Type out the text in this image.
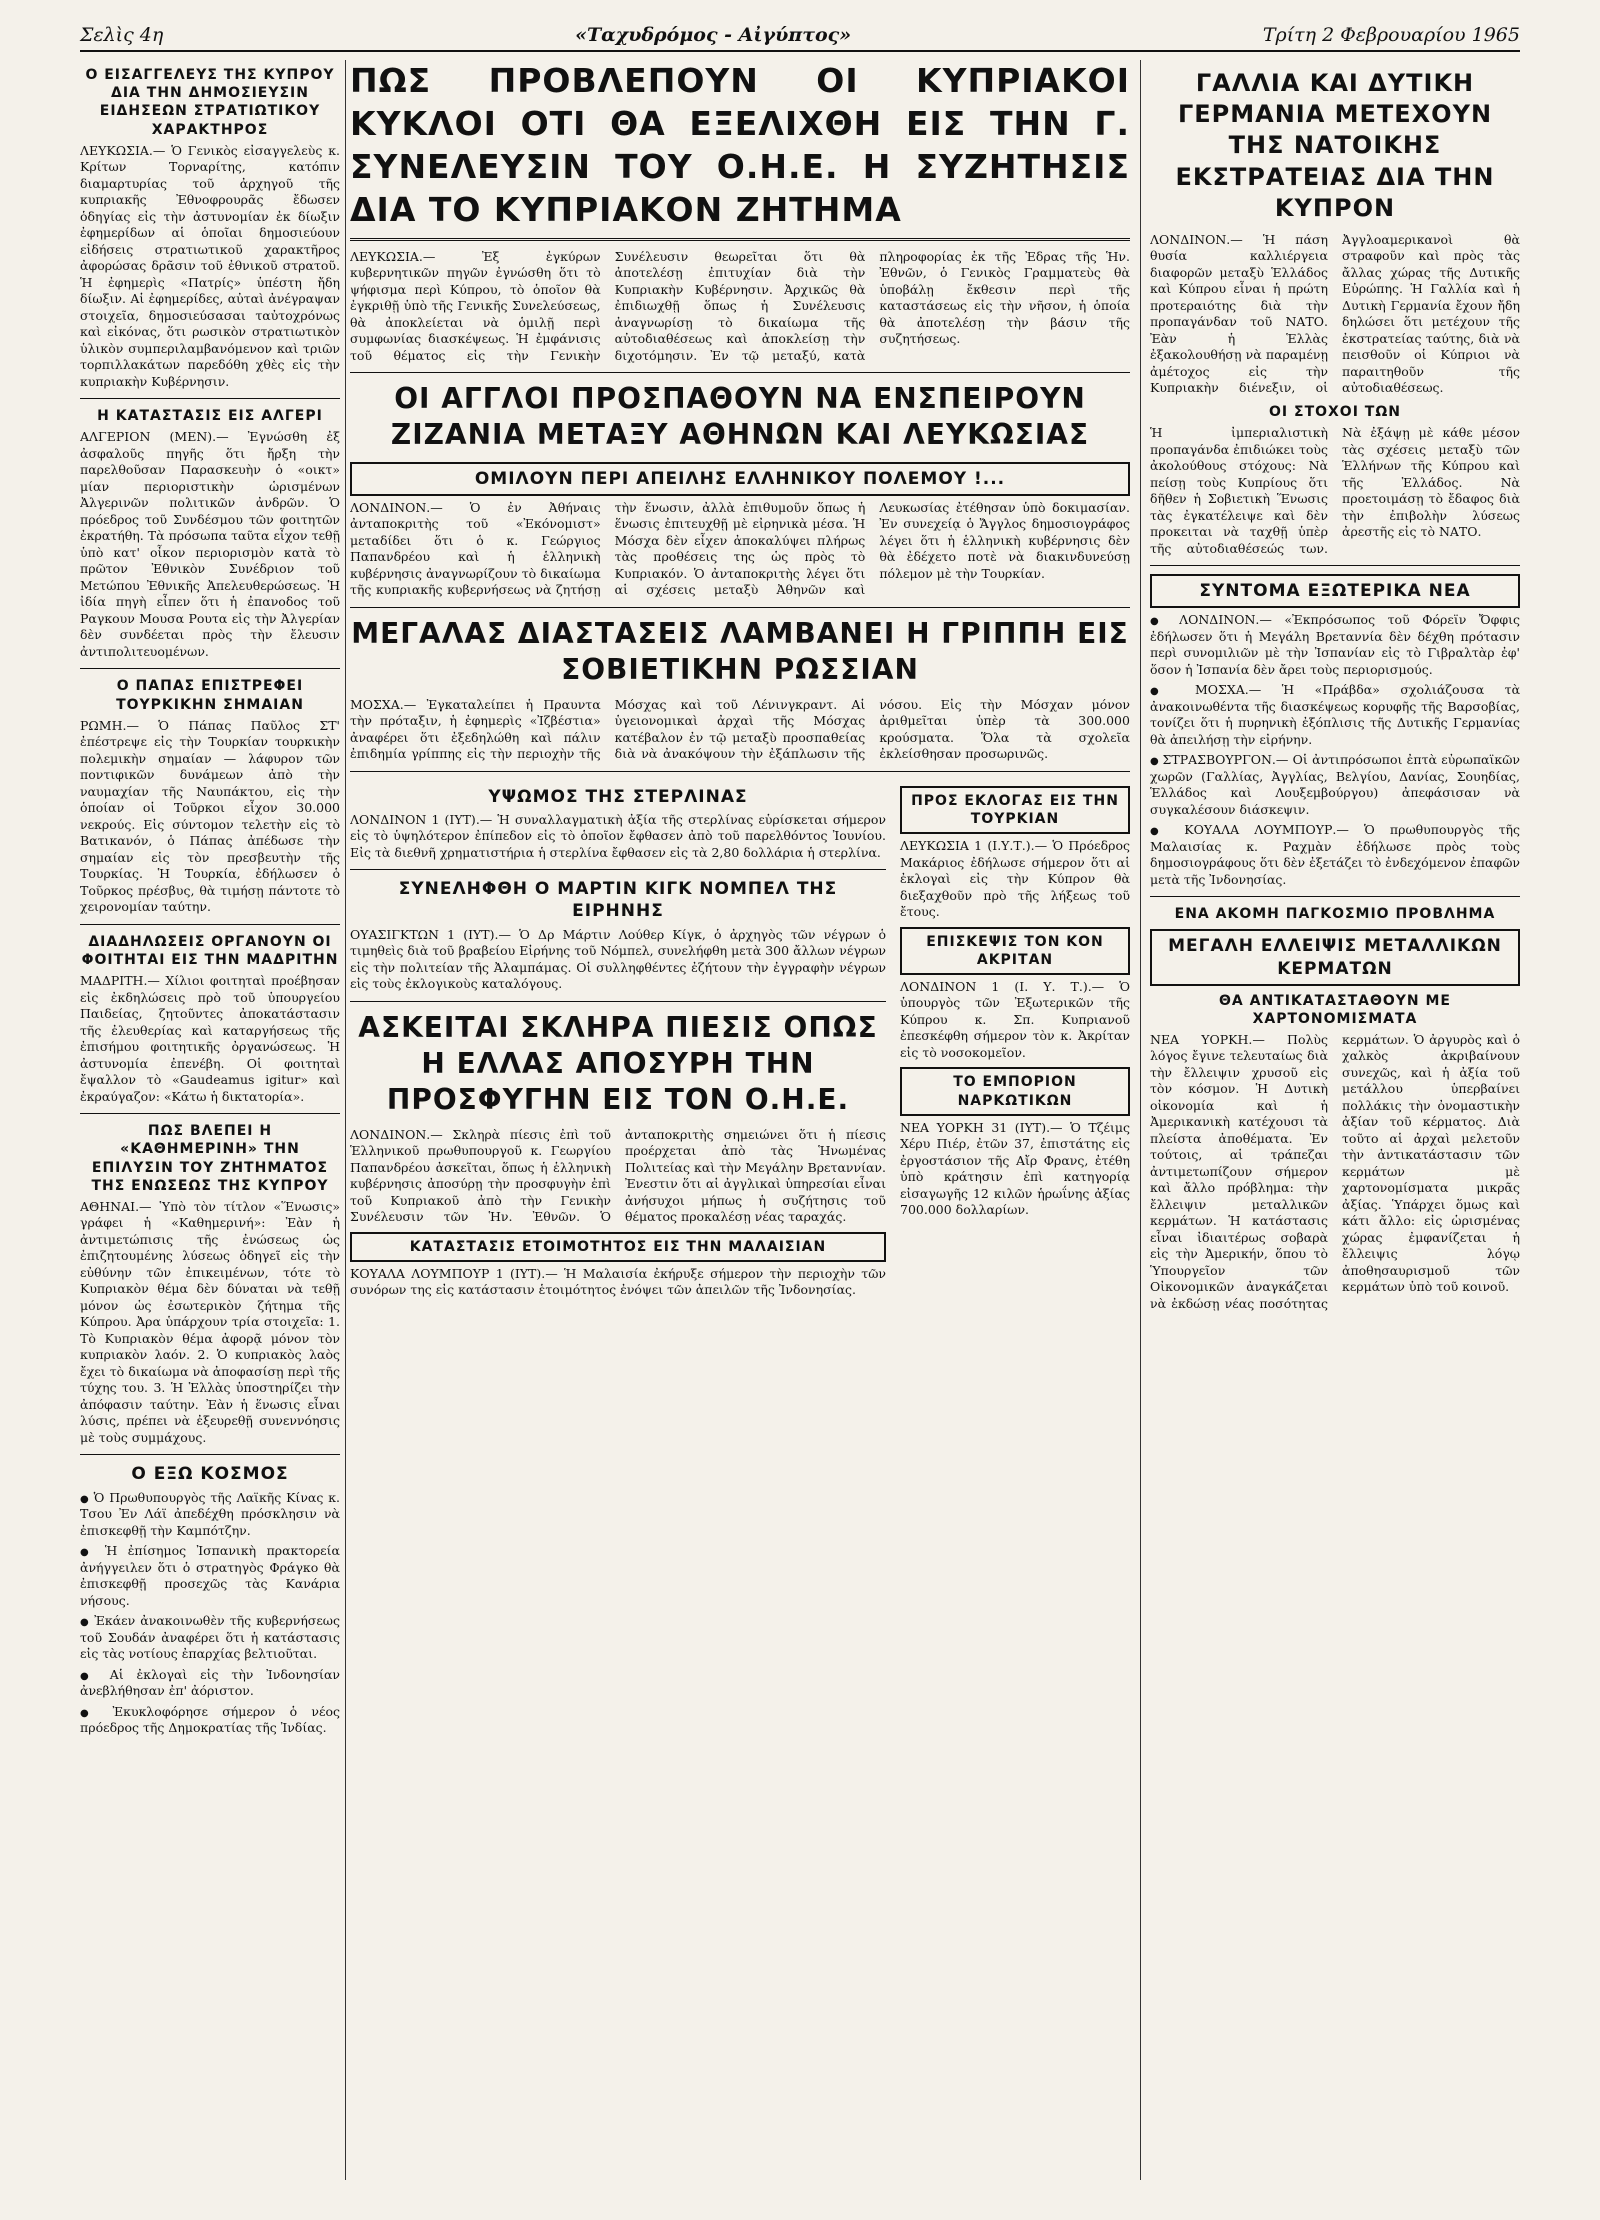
Σελὶς 4η	«Ταχυδρόμος - Αἰγύπτος»	Τρίτη 2 Φεβρουαρίου 1965
Ο ΕΙΣΑΓΓΕΛΕΥΣ ΤΗΣ ΚΥΠΡΟΥ ΔΙΑ ΤΗΝ ΔΗΜΟΣΙΕΥΣΙΝ ΕΙΔΗΣΕΩΝ ΣΤΡΑΤΙΩΤΙΚΟΥ ΧΑΡΑΚΤΗΡΟΣ

ΛΕΥΚΩΣΙΑ.— Ὁ Γενικὸς εἰσαγγελεὺς κ. Κρίτων Τορναρίτης, κατόπιν διαμαρτυρίας τοῦ ἀρχηγοῦ τῆς κυπριακῆς Ἐθνοφρουρᾶς ἔδωσεν ὁδηγίας εἰς τὴν ἀστυνομίαν ἐκ δίωξιν ἐφημερίδων αἱ ὁποῖαι δημοσιεύουν εἰδήσεις στρατιωτικοῦ χαρακτῆρος ἀφορώσας δρᾶσιν τοῦ ἐθνικοῦ στρατοῦ. Ἡ ἐφημερὶς «Πατρίς» ὑπέστη ἤδη δίωξιν. Αἱ ἐφημερίδες, αὐταὶ ἀνέγραψαν στοιχεῖα, δημοσιεύσασαι ταὐτοχρόνως καὶ εἰκόνας, ὅτι ρωσικὸν στρατιωτικὸν ὑλικὸν συμπεριλαμβανόμενον καὶ τριῶν τορπιλλακάτων παρεδόθη χθὲς εἰς τὴν κυπριακὴν Κυβέρνησιν.

Η ΚΑΤΑΣΤΑΣΙΣ ΕΙΣ ΑΛΓΕΡΙ

ΑΛΓΕΡΙΟΝ (ΜΕΝ).— Ἐγνώσθη ἐξ ἀσφαλοῦς πηγῆς ὅτι ἤρξη τὴν παρελθοῦσαν Παρασκευὴν ὁ «οικτ» μίαν περιοριστικὴν ὡρισμένων Ἀλγερινῶν πολιτικῶν ἀνδρῶν. Ὁ πρόεδρος τοῦ Συνδέσμου τῶν φοιτητῶν ἐκρατήθη. Τὰ πρόσωπα ταῦτα εἶχον τεθῇ ὑπὸ κατ' οἶκον περιορισμὸν κατὰ τὸ πρῶτον Ἐθνικὸν Συνέδριον τοῦ Μετώπου Ἐθνικῆς Ἀπελευθερώσεως. Ἡ ἰδία πηγὴ εἶπεν ὅτι ἡ ἐπανοδος τοῦ Ραγκουν Μουσα Ρουτα εἰς τὴν Ἀλγερίαν δὲν συνδέεται πρὸς τὴν ἔλευσιν ἀντιπολιτευομένων.

Ο ΠΑΠΑΣ ΕΠΙΣΤΡΕΦΕΙ ΤΟΥΡΚΙΚΗΝ ΣΗΜΑΙΑΝ

ΡΩΜΗ.— Ὁ Πάπας Παῦλος ΣΤ' ἐπέστρεψε εἰς τὴν Τουρκίαν τουρκικὴν πολεμικὴν σημαίαν — λάφυρον τῶν ποντιφικῶν δυνάμεων ἀπὸ τὴν ναυμαχίαν τῆς Ναυπάκτου, εἰς τὴν ὁποίαν οἱ Τοῦρκοι εἶχον 30.000 νεκρούς. Εἰς σύντομον τελετὴν εἰς τὸ Βατικανόν, ὁ Πάπας ἀπέδωσε τὴν σημαίαν εἰς τὸν πρεσβευτὴν τῆς Τουρκίας. Ἡ Τουρκία, ἐδήλωσεν ὁ Τοῦρκος πρέσβυς, θὰ τιμήσῃ πάντοτε τὸ χειρονομίαν ταύτην.

ΔΙΑΔΗΛΩΣΕΙΣ ΟΡΓΑΝΟΥΝ ΟΙ ΦΟΙΤΗΤΑΙ ΕΙΣ ΤΗΝ ΜΑΔΡΙΤΗΝ

ΜΑΔΡΙΤΗ.— Χίλιοι φοιτηταὶ προέβησαν εἰς ἐκδηλώσεις πρὸ τοῦ ὑπουργείου Παιδείας, ζητοῦντες ἀποκατάστασιν τῆς ἐλευθερίας καὶ καταργήσεως τῆς ἐπισήμου φοιτητικῆς ὀργανώσεως. Ἡ ἀστυνομία ἐπενέβη. Οἱ φοιτηταὶ ἔψαλλον τὸ «Gaudeamus igitur» καὶ ἐκραύγαζον: «Κάτω ἡ δικτατορία».

ΠΩΣ ΒΛΕΠΕΙ Η «ΚΑΘΗΜΕΡΙΝΗ» ΤΗΝ ΕΠΙΛΥΣΙΝ ΤΟΥ ΖΗΤΗΜΑΤΟΣ ΤΗΣ ΕΝΩΣΕΩΣ ΤΗΣ ΚΥΠΡΟΥ

ΑΘΗΝΑΙ.— Ὑπὸ τὸν τίτλον «Ἕνωσις» γράφει ἡ «Καθημερινή»: Ἐὰν ἡ ἀντιμετώπισις τῆς ἐνώσεως ὡς ἐπιζητουμένης λύσεως ὁδηγεῖ εἰς τὴν εὐθύνην τῶν ἐπικειμένων, τότε τὸ Κυπριακὸν θέμα δὲν δύναται νὰ τεθῇ μόνον ὡς ἐσωτερικὸν ζήτημα τῆς Κύπρου. Ἀρα ὑπάρχουν τρία στοιχεῖα: 1. Τὸ Κυπριακὸν θέμα ἀφορᾷ μόνον τὸν κυπριακὸν λαόν. 2. Ὁ κυπριακὸς λαὸς ἔχει τὸ δικαίωμα νὰ ἀποφασίσῃ περὶ τῆς τύχης του. 3. Ἡ Ἑλλὰς ὑποστηρίζει τὴν ἀπόφασιν ταύτην. Ἐὰν ἡ ἕνωσις εἶναι λύσις, πρέπει νὰ ἐξευρεθῇ συνεννόησις μὲ τοὺς συμμάχους.

Ο ΕΞΩ ΚΟΣΜΟΣ
● Ὁ Πρωθυπουργὸς τῆς Λαϊκῆς Κίνας κ. Τσου Ἐν Λάϊ ἀπεδέχθη πρόσκλησιν νὰ ἐπισκεφθῇ τὴν Καμπότζην.
● Ἡ ἐπίσημος Ἰσπανικὴ πρακτορεία ἀνήγγειλεν ὅτι ὁ στρατηγὸς Φράγκο θὰ ἐπισκεφθῇ προσεχῶς τὰς Κανάρια νήσους.
● Ἐκάεν ἀνακοινωθὲν τῆς κυβερνήσεως τοῦ Σουδάν ἀναφέρει ὅτι ἡ κατάστασις εἰς τὰς νοτίους ἐπαρχίας βελτιοῦται.
● Αἱ ἐκλογαὶ εἰς τὴν Ἰνδονησίαν ἀνεβλήθησαν ἐπ' ἀόριστον.
● Ἐκυκλοφόρησε σήμερον ὁ νέος πρόεδρος τῆς Δημοκρατίας τῆς Ἰνδίας.
ΠΩΣ ΠΡΟΒΛΕΠΟΥΝ ΟΙ ΚΥΠΡΙΑΚΟΙ ΚΥΚΛΟΙ ΟΤΙ ΘΑ ΕΞΕΛΙΧΘΗ ΕΙΣ ΤΗΝ Γ. ΣΥΝΕΛΕΥΣΙΝ ΤΟΥ Ο.Η.Ε. Η ΣΥΖΗΤΗΣΙΣ ΔΙΑ ΤΟ ΚΥΠΡΙΑΚΟΝ ΖΗΤΗΜΑ

ΛΕΥΚΩΣΙΑ.— Ἐξ ἐγκύρων κυβερνητικῶν πηγῶν ἐγνώσθη ὅτι τὸ ψήφισμα περὶ Κύπρου, τὸ ὁποῖον θὰ ἐγκριθῇ ὑπὸ τῆς Γενικῆς Συνελεύσεως, θὰ ἀποκλείεται νὰ ὁμιλῇ περὶ συμφωνίας διασκέψεως. Ἡ ἐμφάνισις τοῦ θέματος εἰς τὴν Γενικὴν Συνέλευσιν θεωρεῖται ὅτι θὰ ἀποτελέσῃ ἐπιτυχίαν διὰ τὴν Κυπριακὴν Κυβέρνησιν. Ἀρχικῶς θὰ ἐπιδιωχθῇ ὅπως ἡ Συνέλευσις ἀναγνωρίσῃ τὸ δικαίωμα τῆς αὐτοδιαθέσεως καὶ ἀποκλείσῃ τὴν διχοτόμησιν. Ἐν τῷ μεταξύ, κατὰ πληροφορίας ἐκ τῆς Ἐδρας τῆς Ἡν. Ἐθνῶν, ὁ Γενικὸς Γραμματεὺς θὰ ὑποβάλῃ ἔκθεσιν περὶ τῆς καταστάσεως εἰς τὴν νῆσον, ἡ ὁποία θὰ ἀποτελέσῃ τὴν βάσιν τῆς συζητήσεως.

ΟΙ ΑΓΓΛΟΙ ΠΡΟΣΠΑΘΟΥΝ ΝΑ ΕΝΣΠΕΙΡΟΥΝ ΖΙΖΑΝΙΑ ΜΕΤΑΞΥ ΑΘΗΝΩΝ ΚΑΙ ΛΕΥΚΩΣΙΑΣ
ΟΜΙΛΟΥΝ ΠΕΡΙ ΑΠΕΙΛΗΣ ΕΛΛΗΝΙΚΟΥ ΠΟΛΕΜΟΥ !...

ΛΟΝΔΙΝΟΝ.— Ὁ ἐν Ἀθήναις ἀνταποκριτὴς τοῦ «Ἐκόνομιστ» μεταδίδει ὅτι ὁ κ. Γεώργιος Παπανδρέου καὶ ἡ ἑλληνικὴ κυβέρνησις ἀναγνωρίζουν τὸ δικαίωμα τῆς κυπριακῆς κυβερνήσεως νὰ ζητήσῃ τὴν ἕνωσιν, ἀλλὰ ἐπιθυμοῦν ὅπως ἡ ἕνωσις ἐπιτευχθῇ μὲ εἰρηνικὰ μέσα. Ἡ Μόσχα δὲν εἶχεν ἀποκαλύψει πλήρως τὰς προθέσεις της ὡς πρὸς τὸ Κυπριακόν. Ὁ ἀνταποκριτὴς λέγει ὅτι αἱ σχέσεις μεταξὺ Ἀθηνῶν καὶ Λευκωσίας ἐτέθησαν ὑπὸ δοκιμασίαν. Ἐν συνεχείᾳ ὁ Ἄγγλος δημοσιογράφος λέγει ὅτι ἡ ἑλληνικὴ κυβέρνησις δὲν θὰ ἐδέχετο ποτὲ νὰ διακινδυνεύσῃ πόλεμον μὲ τὴν Τουρκίαν.

ΜΕΓΑΛΑΣ ΔΙΑΣΤΑΣΕΙΣ ΛΑΜΒΑΝΕΙ Η ΓΡΙΠΠΗ ΕΙΣ ΣΟΒΙΕΤΙΚΗΝ ΡΩΣΣΙΑΝ

ΜΟΣΧΑ.— Ἐγκαταλείπει ἡ Πραυντα τὴν πρόταξιν, ἡ ἐφημερὶς «Ἰζβέστια» ἀναφέρει ὅτι ἐξεδηλώθη καὶ πάλιν ἐπιδημία γρίππης εἰς τὴν περιοχὴν τῆς Μόσχας καὶ τοῦ Λένινγκραντ. Αἱ ὑγειονομικαὶ ἀρχαὶ τῆς Μόσχας κατέβαλον ἐν τῷ μεταξὺ προσπαθείας διὰ νὰ ἀνακόψουν τὴν ἐξάπλωσιν τῆς νόσου. Εἰς τὴν Μόσχαν μόνον ἀριθμεῖται ὑπὲρ τὰ 300.000 κρούσματα. Ὅλα τὰ σχολεῖα ἐκλείσθησαν προσωρινῶς.

ΥΨΩΜΟΣ ΤΗΣ ΣΤΕΡΛΙΝΑΣ

ΛΟΝΔΙΝΟΝ 1 (ΙΥΤ).— Ἡ συναλλαγματικὴ ἀξία τῆς στερλίνας εὑρίσκεται σήμερον εἰς τὸ ὑψηλότερον ἐπίπεδον εἰς τὸ ὁποῖον ἔφθασεν ἀπὸ τοῦ παρελθόντος Ἰουνίου. Εἰς τὰ διεθνῆ χρηματιστήρια ἡ στερλίνα ἔφθασεν εἰς τὰ 2,80 δολλάρια ἡ στερλίνα.

ΣΥΝΕΛΗΦΘΗ Ο ΜΑΡΤΙΝ ΚΙΓΚ ΝΟΜΠΕΛ ΤΗΣ ΕΙΡΗΝΗΣ

ΟΥΑΣΙΓΚΤΩΝ 1 (ΙΥΤ).— Ὁ Δρ Μάρτιν Λούθερ Κίγκ, ὁ ἀρχηγὸς τῶν νέγρων ὁ τιμηθεὶς διὰ τοῦ βραβείου Εἰρήνης τοῦ Νόμπελ, συνελήφθη μετὰ 300 ἄλλων νέγρων εἰς τὴν πολιτείαν τῆς Ἀλαμπάμας. Οἱ συλληφθέντες ἐζήτουν τὴν ἐγγραφὴν νέγρων εἰς τοὺς ἐκλογικοὺς καταλόγους.

ΑΣΚΕΙΤΑΙ ΣΚΛΗΡΑ ΠΙΕΣΙΣ ΟΠΩΣ Η ΕΛΛΑΣ ΑΠΟΣΥΡΗ ΤΗΝ ΠΡΟΣΦΥΓΗΝ ΕΙΣ ΤΟΝ Ο.Η.Ε.

ΛΟΝΔΙΝΟΝ.— Σκληρὰ πίεσις ἐπὶ τοῦ Ἑλληνικοῦ πρωθυπουργοῦ κ. Γεωργίου Παπανδρέου ἀσκεῖται, ὅπως ἡ ἑλληνικὴ κυβέρνησις ἀποσύρῃ τὴν προσφυγὴν ἐπὶ τοῦ Κυπριακοῦ ἀπὸ τὴν Γενικὴν Συνέλευσιν τῶν Ἡν. Ἐθνῶν. Ὁ ἀνταποκριτὴς σημειώνει ὅτι ἡ πίεσις προέρχεται ἀπὸ τὰς Ἡνωμένας Πολιτείας καὶ τὴν Μεγάλην Βρεταννίαν. Ἐνεστιν ὅτι αἱ ἀγγλικαὶ ὑπηρεσίαι εἶναι ἀνήσυχοι μήπως ἡ συζήτησις τοῦ θέματος προκαλέσῃ νέας ταραχάς.

ΚΑΤΑΣΤΑΣΙΣ ΕΤΟΙΜΟΤΗΤΟΣ ΕΙΣ ΤΗΝ ΜΑΛΑΙΣΙΑΝ

ΚΟΥΑΛΑ ΛΟΥΜΠΟΥΡ 1 (ΙΥΤ).— Ἡ Μαλαισία ἐκήρυξε σήμερον τὴν περιοχὴν τῶν συνόρων της εἰς κατάστασιν ἑτοιμότητος ἐνόψει τῶν ἀπειλῶν τῆς Ἰνδονησίας.

ΠΡΟΣ ΕΚΛΟΓΑΣ ΕΙΣ ΤΗΝ ΤΟΥΡΚΙΑΝ

ΛΕΥΚΩΣΙΑ 1 (Ι.Υ.Τ.).— Ὁ Πρόεδρος Μακάριος ἐδήλωσε σήμερον ὅτι αἱ ἐκλογαὶ εἰς τὴν Κύπρον θὰ διεξαχθοῦν πρὸ τῆς λήξεως τοῦ ἔτους.

ΕΠΙΣΚΕΨΙΣ ΤΟΝ ΚΟΝ ΑΚΡΙΤΑΝ

ΛΟΝΔΙΝΟΝ 1 (Ι. Υ. Τ.).— Ὁ ὑπουργὸς τῶν Ἐξωτερικῶν τῆς Κύπρου κ. Σπ. Κυπριανοῦ ἐπεσκέφθη σήμερον τὸν κ. Ἀκρίταν εἰς τὸ νοσοκομεῖον.

ΤΟ ΕΜΠΟΡΙΟΝ ΝΑΡΚΩΤΙΚΩΝ

ΝΕΑ ΥΟΡΚΗ 31 (ΙΥΤ).— Ὁ Τζέιμς Χέρυ Πιέρ, ἐτῶν 37, ἐπιστάτης εἰς ἐργοστάσιον τῆς Αἴρ Φρανς, ἐτέθη ὑπὸ κράτησιν ἐπὶ κατηγορίᾳ εἰσαγωγῆς 12 κιλῶν ἡρωΐνης ἀξίας 700.000 δολλαρίων.

ΓΑΛΛΙΑ ΚΑΙ ΔΥΤΙΚΗ ΓΕΡΜΑΝΙΑ ΜΕΤΕΧΟΥΝ ΤΗΣ ΝΑΤΟΙΚΗΣ ΕΚΣΤΡΑΤΕΙΑΣ ΔΙΑ ΤΗΝ ΚΥΠΡΟΝ

ΛΟΝΔΙΝΟΝ.— Ἡ πάση θυσία καλλιέργεια διαφορῶν μεταξὺ Ἑλλάδος καὶ Κύπρου εἶναι ἡ πρώτη προτεραιότης διὰ τὴν προπαγάνδαν τοῦ ΝΑΤΟ. Ἐὰν ἡ Ἑλλὰς ἐξακολουθήσῃ νὰ παραμένῃ ἀμέτοχος εἰς τὴν Κυπριακὴν διένεξιν, οἱ Ἀγγλοαμερικανοὶ θὰ στραφοῦν καὶ πρὸς τὰς ἄλλας χώρας τῆς Δυτικῆς Εὐρώπης. Ἡ Γαλλία καὶ ἡ Δυτικὴ Γερμανία ἔχουν ἤδη δηλώσει ὅτι μετέχουν τῆς ἐκστρατείας ταύτης, διὰ νὰ πεισθοῦν οἱ Κύπριοι νὰ παραιτηθοῦν τῆς αὐτοδιαθέσεως.

ΟΙ ΣΤΟΧΟΙ ΤΩΝ

Ἡ ἰμπεριαλιστικὴ προπαγάνδα ἐπιδιώκει τοὺς ἀκολούθους στόχους: Νὰ πείσῃ τοὺς Κυπρίους ὅτι δῆθεν ἡ Σοβιετικὴ Ἕνωσις τὰς ἐγκατέλειψε καὶ δὲν προκειται νὰ ταχθῇ ὑπὲρ τῆς αὐτοδιαθέσεώς των. Νὰ ἐξάψῃ μὲ κάθε μέσον τὰς σχέσεις μεταξὺ τῶν Ἑλλήνων τῆς Κύπρου καὶ τῆς Ἑλλάδος. Νὰ προετοιμάσῃ τὸ ἔδαφος διὰ τὴν ἐπιβολὴν λύσεως ἀρεστῆς εἰς τὸ ΝΑΤΟ.

ΣΥΝΤΟΜΑ ΕΞΩΤΕΡΙΚΑ ΝΕΑ
● ΛΟΝΔΙΝΟΝ.— «Ἐκπρόσωπος τοῦ Φόρεϊν Ὄφφις ἐδήλωσεν ὅτι ἡ Μεγάλη Βρεταννία δὲν δέχθη πρότασιν περὶ συνομιλιῶν μὲ τὴν Ἰσπανίαν εἰς τὸ Γιβραλτὰρ ἐφ' ὅσον ἡ Ἰσπανία δὲν ἄρει τοὺς περιορισμούς.
● ΜΟΣΧΑ.— Ἡ «Πράβδα» σχολιάζουσα τὰ ἀνακοινωθέντα τῆς διασκέψεως κορυφῆς τῆς Βαρσοβίας, τονίζει ὅτι ἡ πυρηνικὴ ἐξόπλισις τῆς Δυτικῆς Γερμανίας θὰ ἀπειλήσῃ τὴν εἰρήνην.
● ΣΤΡΑΣΒΟΥΡΓΟΝ.— Οἱ ἀντιπρόσωποι ἐπτὰ εὐρωπαϊκῶν χωρῶν (Γαλλίας, Ἀγγλίας, Βελγίου, Δανίας, Σουηδίας, Ἑλλάδος καὶ Λουξεμβούργου) ἀπεφάσισαν νὰ συγκαλέσουν διάσκεψιν.
● ΚΟΥΑΛΑ ΛΟΥΜΠΟΥΡ.— Ὁ πρωθυπουργὸς τῆς Μαλαισίας κ. Ραχμὰν ἐδήλωσε πρὸς τοὺς δημοσιογράφους ὅτι δὲν ἐξετάζει τὸ ἐνδεχόμενον ἐπαφῶν μετὰ τῆς Ἰνδονησίας.
ΕΝΑ ΑΚΟΜΗ ΠΑΓΚΟΣΜΙΟ ΠΡΟΒΛΗΜΑ
ΜΕΓΑΛΗ ΕΛΛΕΙΨΙΣ ΜΕΤΑΛΛΙΚΩΝ ΚΕΡΜΑΤΩΝ
ΘΑ ΑΝΤΙΚΑΤΑΣΤΑΘΟΥΝ ΜΕ ΧΑΡΤΟΝΟΜΙΣΜΑΤΑ

ΝΕΑ ΥΟΡΚΗ.— Πολὺς λόγος ἔγινε τελευταίως διὰ τὴν ἔλλειψιν χρυσοῦ εἰς τὸν κόσμον. Ἡ Δυτικὴ οἰκονομία καὶ ἡ Ἀμερικανικὴ κατέχουσι τὰ πλείστα ἀποθέματα. Ἐν τούτοις, αἱ τράπεζαι ἀντιμετωπίζουν σήμερον καὶ ἄλλο πρόβλημα: τὴν ἔλλειψιν μεταλλικῶν κερμάτων. Ἡ κατάστασις εἶναι ἰδιαιτέρως σοβαρὰ εἰς τὴν Ἀμερικήν, ὅπου τὸ Ὑπουργεῖον τῶν Οἰκονομικῶν ἀναγκάζεται νὰ ἐκδώσῃ νέας ποσότητας κερμάτων. Ὁ ἀργυρὸς καὶ ὁ χαλκὸς ἀκριβαίνουν συνεχῶς, καὶ ἡ ἀξία τοῦ μετάλλου ὑπερβαίνει πολλάκις τὴν ὀνομαστικὴν ἀξίαν τοῦ κέρματος. Διὰ τοῦτο αἱ ἀρχαὶ μελετοῦν τὴν ἀντικατάστασιν τῶν κερμάτων μὲ χαρτονομίσματα μικρᾶς ἀξίας. Ὑπάρχει ὅμως καὶ κάτι ἄλλο: εἰς ὡρισμένας χώρας ἐμφανίζεται ἡ ἔλλειψις λόγῳ ἀποθησαυρισμοῦ τῶν κερμάτων ὑπὸ τοῦ κοινοῦ.
